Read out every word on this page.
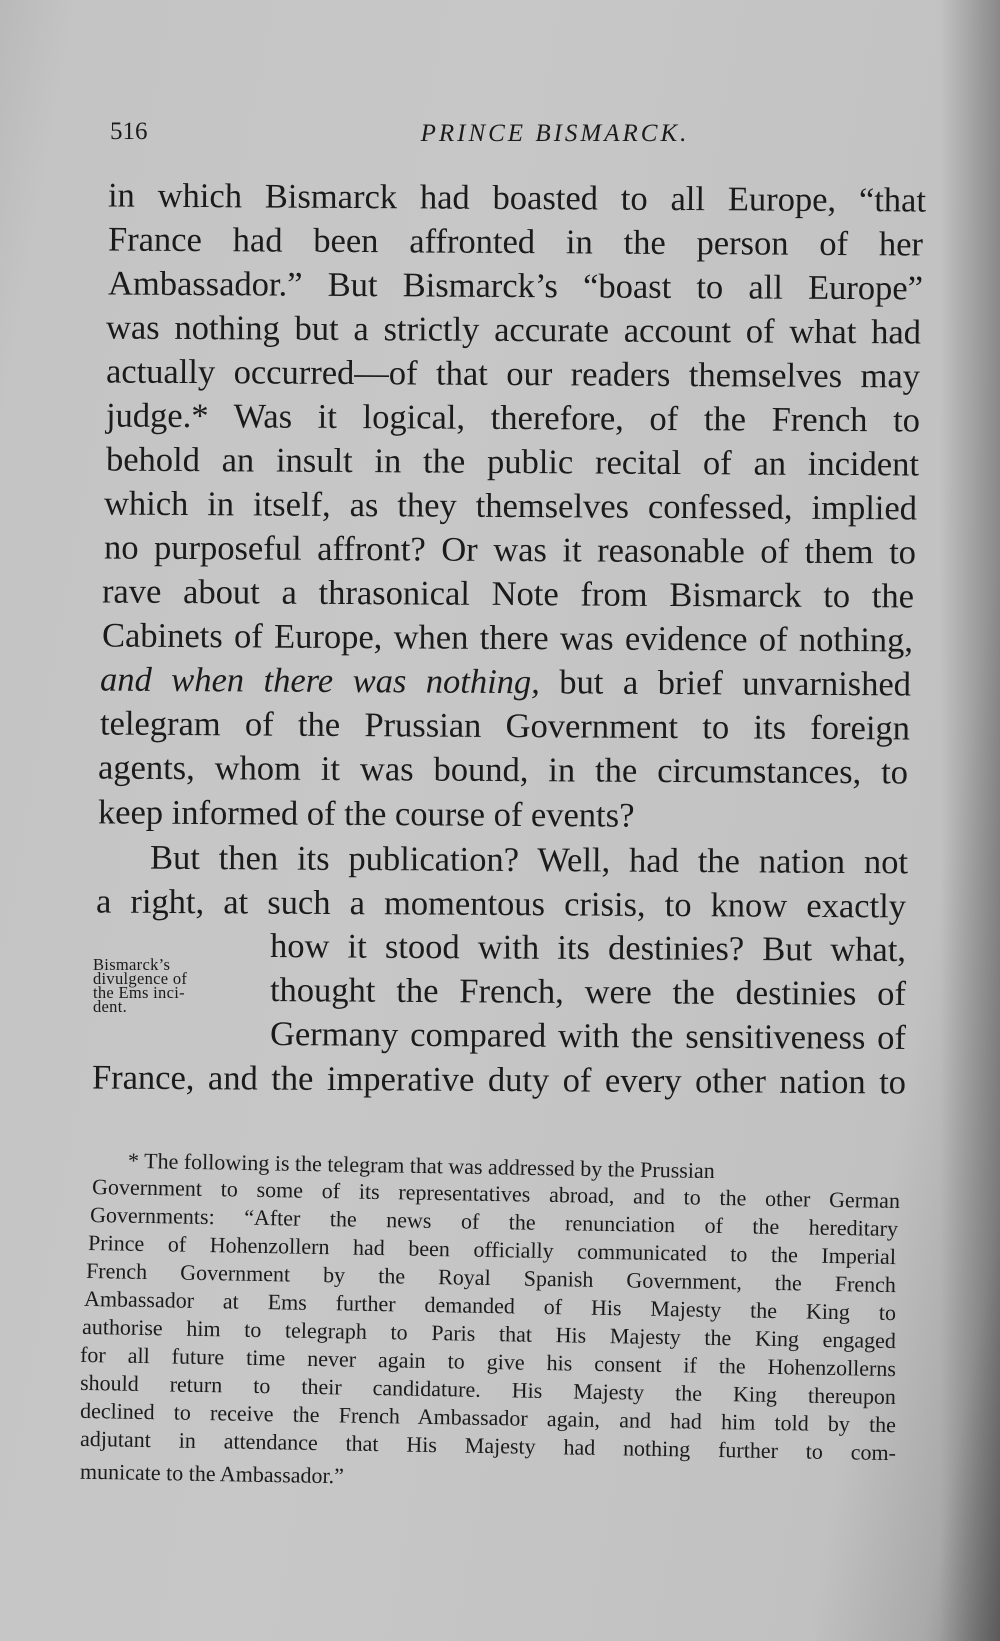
516	PRINCE BISMARCK.
in which Bismarck had boasted to all Europe, “that
France had been affronted in the person of her
Ambassador.” But Bismarck’s “boast to all Europe”
was nothing but a strictly accurate account of what had
actually occurred—of that our readers themselves may
judge.* Was it logical, therefore, of the French to
behold an insult in the public recital of an incident
which in itself, as they themselves confessed, implied
no purposeful affront? Or was it reasonable of them to
rave about a thrasonical Note from Bismarck to the
Cabinets of Europe, when there was evidence of nothing,
and when there was nothing, but a brief unvarnished
telegram of the Prussian Government to its foreign
agents, whom it was bound, in the circumstances, to
keep informed of the course of events?
But then its publication? Well, had the nation not
a right, at such a momentous crisis, to know exactly
how it stood with its destinies? But what,
thought the French, were the destinies of
Germany compared with the sensitiveness of
France, and the imperative duty of every other nation to
Bismarck’s
divulgence of
the Ems inci-
dent.
* The following is the telegram that was addressed by the Prussian
Government to some of its representatives abroad, and to the other German
Governments: “After the news of the renunciation of the hereditary
Prince of Hohenzollern had been officially communicated to the Imperial
French Government by the Royal Spanish Government, the French
Ambassador at Ems further demanded of His Majesty the King to
authorise him to telegraph to Paris that His Majesty the King engaged
for all future time never again to give his consent if the Hohenzollerns
should return to their candidature. His Majesty the King thereupon
declined to receive the French Ambassador again, and had him told by the
adjutant in attendance that His Majesty had nothing further to com-
municate to the Ambassador.”
